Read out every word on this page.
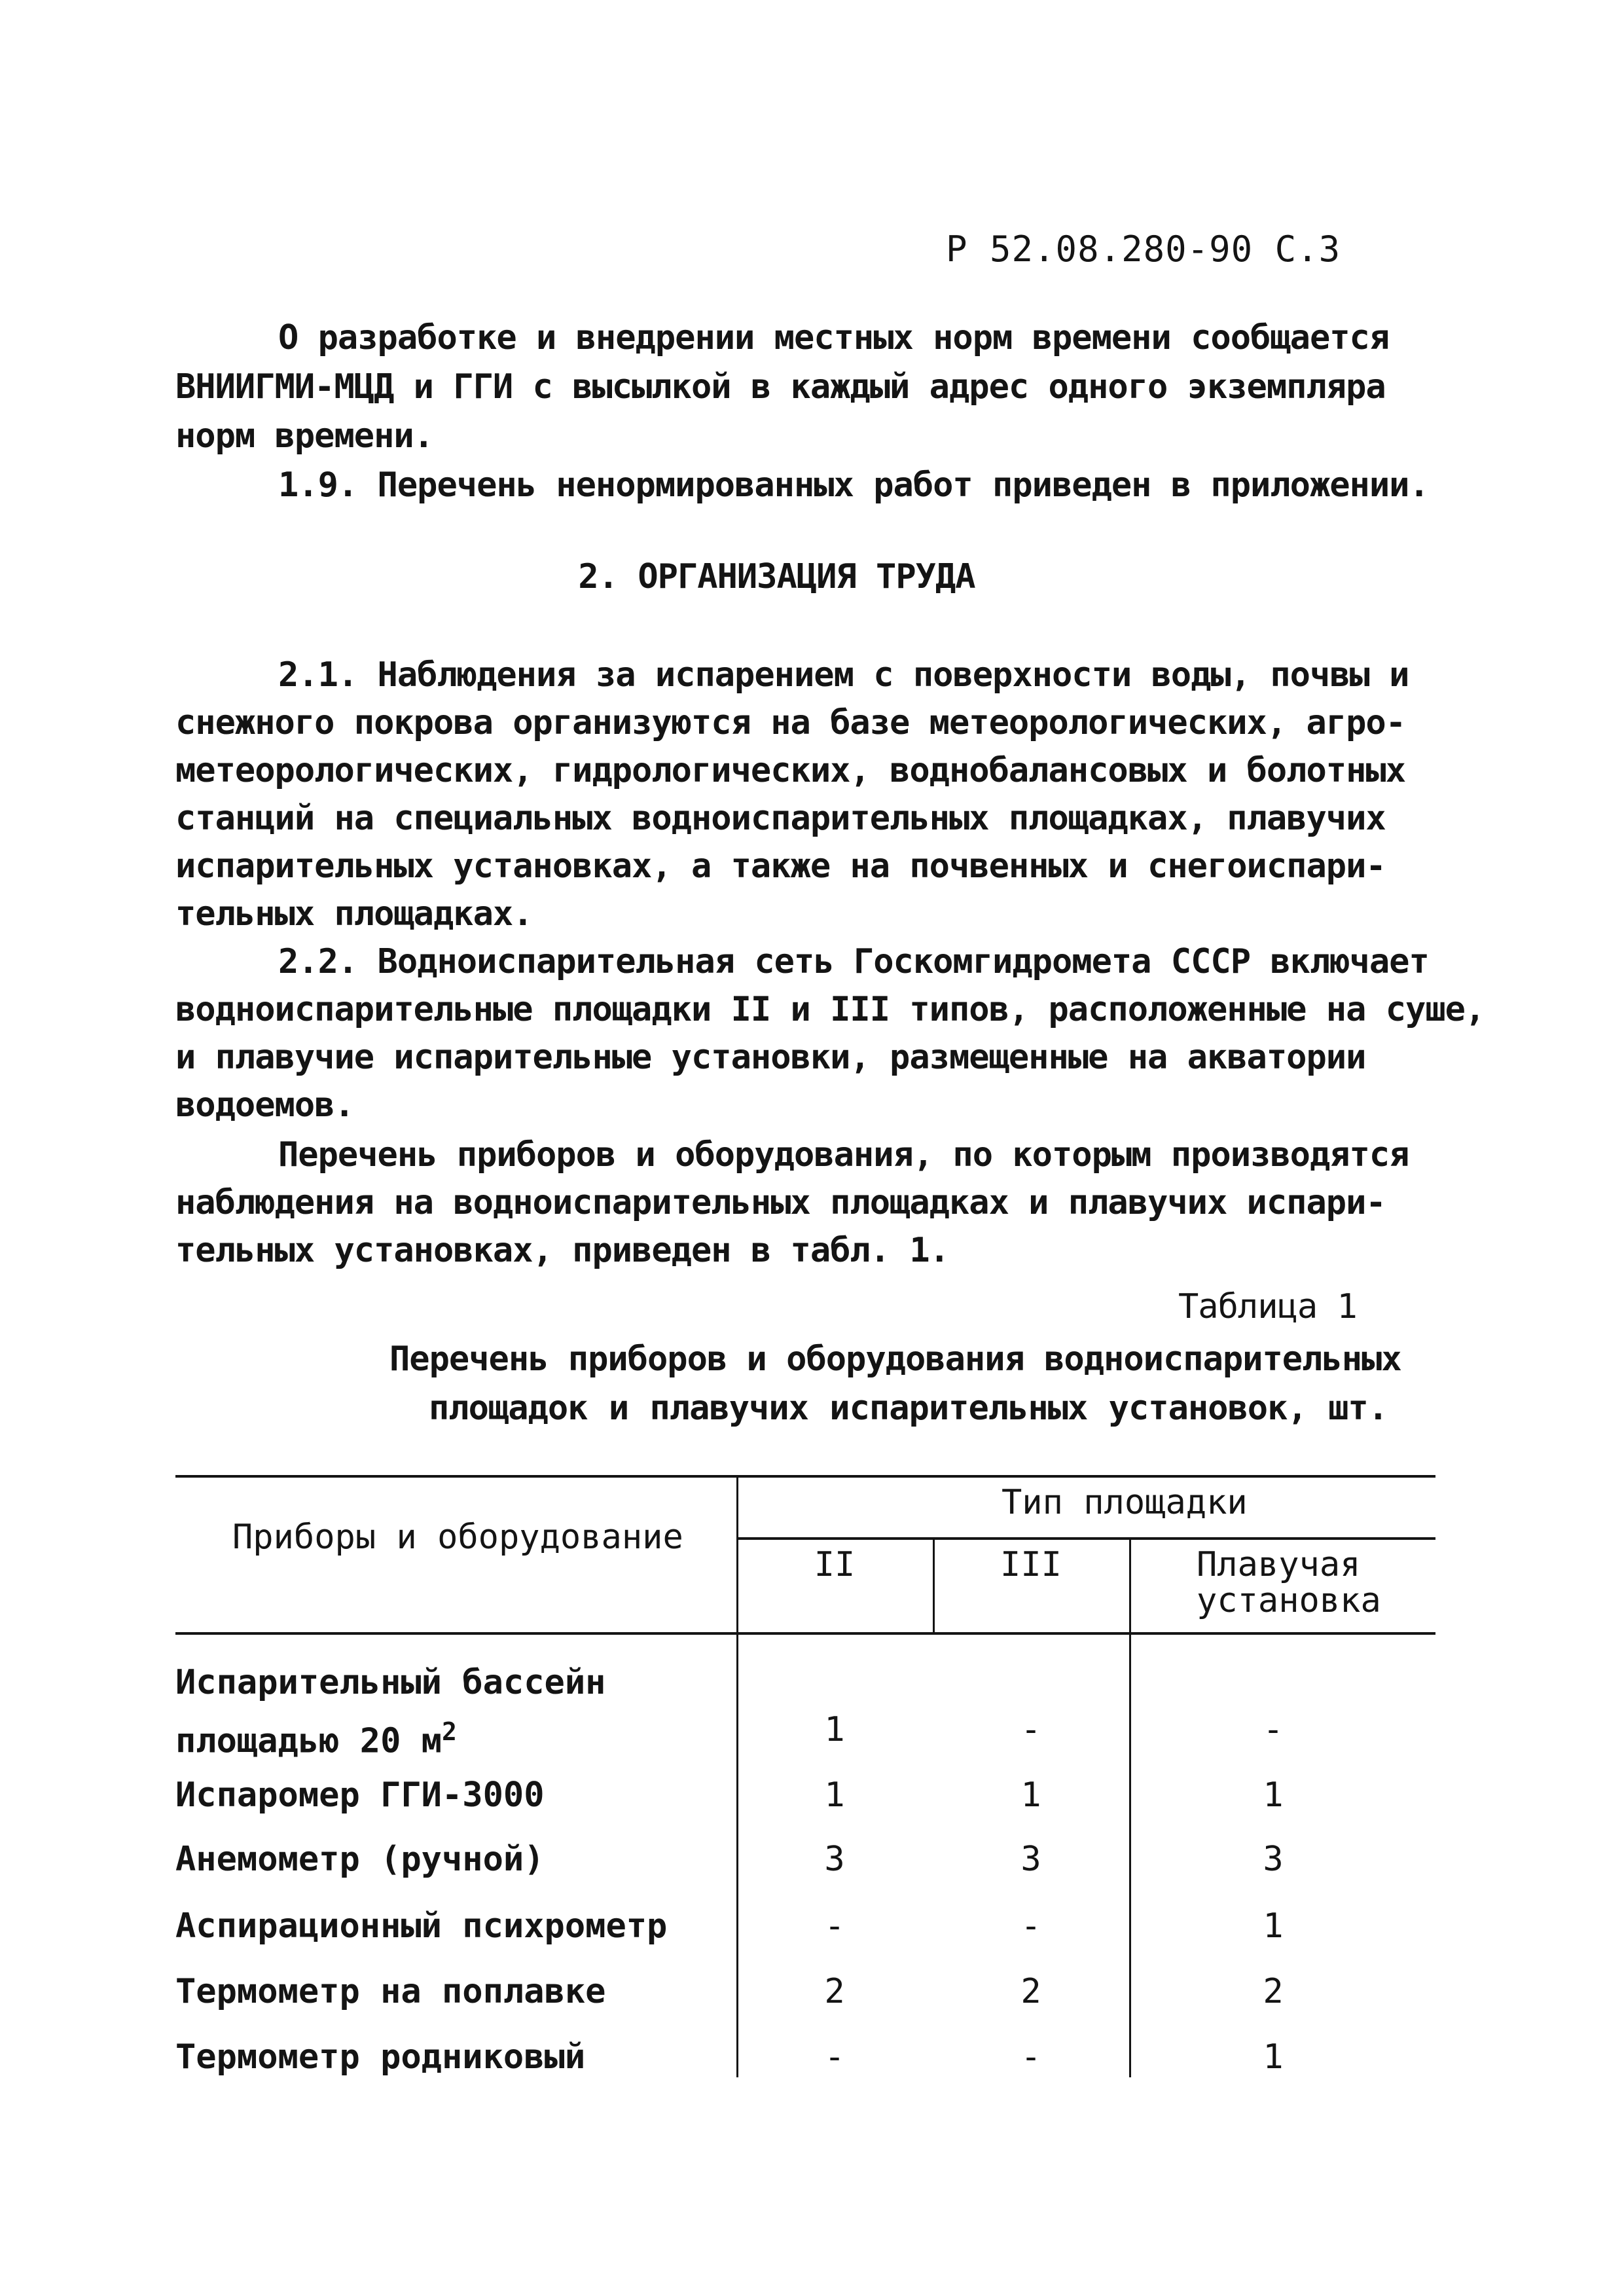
Р 52.08.280-90 С.3
О разработке и внедрении местных норм времени сообщается
ВНИИГМИ-МЦД и ГГИ с высылкой в каждый адрес одного экземпляра
норм времени.
1.9. Перечень ненормированных работ приведен в приложении.
2. ОРГАНИЗАЦИЯ ТРУДА
2.1. Наблюдения за испарением с поверхности воды, почвы и
снежного покрова организуются на базе метеорологических, агро-
метеорологических, гидрологических, воднобалансовых и болотных
станций на специальных водноиспарительных площадках, плавучих
испарительных установках, а также на почвенных и снегоиспари-
тельных площадках.
2.2. Водноиспарительная сеть Госкомгидромета СССР включает
водноиспарительные площадки II и III типов, расположенные на суше,
и плавучие испарительные установки, размещенные на акватории
водоемов.
Перечень приборов и оборудования, по которым производятся
наблюдения на водноиспарительных площадках и плавучих испари-
тельных установках, приведен в табл. 1.
Таблица 1
Перечень приборов и оборудования водноиспарительных
площадок и плавучих испарительных установок, шт.
Приборы и оборудование
Тип площадки
II	III	Плавучая
установка
Испарительный бассейн
площадью 20 $м^2$	1	-	-
Испаромер ГГИ-3000	1	1	1
Анемометр (ручной)	3	3	3
Аспирационный психрометр	-	-	1
Термометр на поплавке	2	2	2
Термометр родниковый	-	-	1
